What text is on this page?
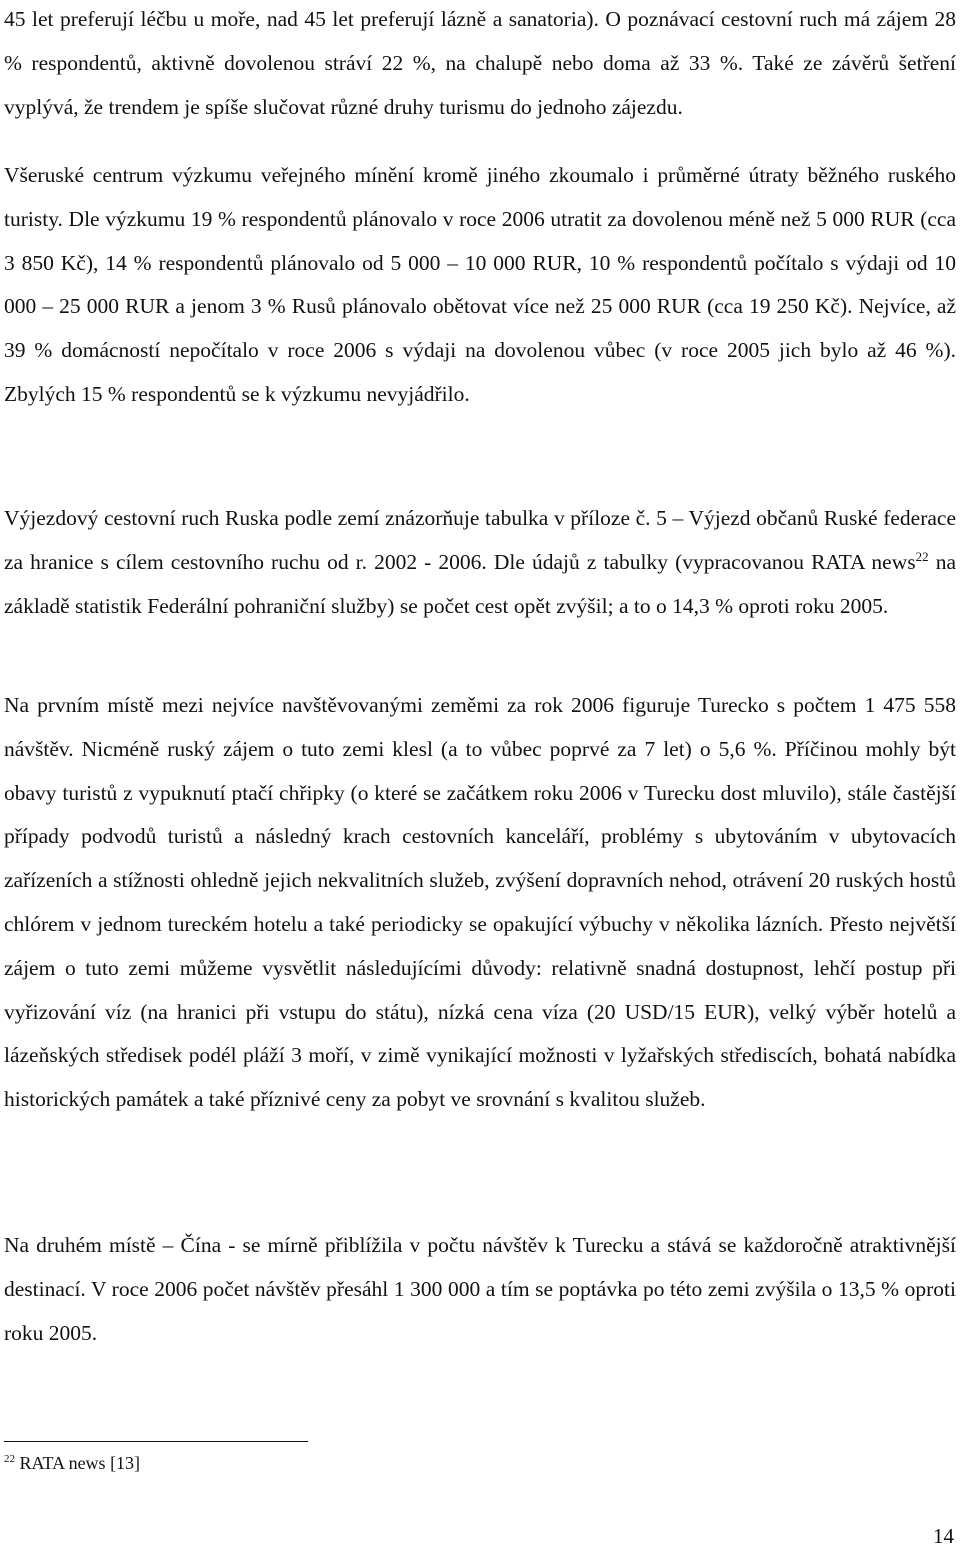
45 let preferují léčbu u moře, nad 45 let preferují lázně a sanatoria). O poznávací cestovní ruch má zájem 28 % respondentů, aktivně dovolenou stráví 22 %, na chalupě nebo doma až 33 %. Také ze závěrů šetření vyplývá, že trendem je spíše slučovat různé druhy turismu do jednoho zájezdu.

Všeruské centrum výzkumu veřejného mínění kromě jiného zkoumalo i průměrné útraty běžného ruského turisty. Dle výzkumu 19 % respondentů plánovalo v roce 2006 utratit za dovolenou méně než 5 000 RUR (cca 3 850 Kč), 14 % respondentů plánovalo od 5 000 – 10 000 RUR, 10 % respondentů počítalo s výdaji od 10 000 – 25 000 RUR a jenom 3 % Rusů plánovalo obětovat více než 25 000 RUR (cca 19 250 Kč). Nejvíce, až 39 % domácností nepočítalo v roce 2006 s výdaji na dovolenou vůbec (v roce 2005 jich bylo až 46 %). Zbylých 15 % respondentů se k výzkumu nevyjádřilo.

Výjezdový cestovní ruch Ruska podle zemí znázorňuje tabulka v příloze č. 5 – Výjezd občanů Ruské federace za hranice s cílem cestovního ruchu od r. 2002 - 2006. Dle údajů z tabulky (vypracovanou RATA news$^{22}$ na základě statistik Federální pohraniční služby) se počet cest opět zvýšil; a to o 14,3 % oproti roku 2005.

Na prvním místě mezi nejvíce navštěvovanými zeměmi za rok 2006 figuruje Turecko s počtem 1 475 558 návštěv. Nicméně ruský zájem o tuto zemi klesl (a to vůbec poprvé za 7 let) o 5,6 %. Příčinou mohly být obavy turistů z vypuknutí ptačí chřipky (o které se začátkem roku 2006 v Turecku dost mluvilo), stále častější případy podvodů turistů a následný krach cestovních kanceláří, problémy s ubytováním v ubytovacích zařízeních a stížnosti ohledně jejich nekvalitních služeb, zvýšení dopravních nehod, otrávení 20 ruských hostů chlórem v jednom tureckém hotelu a také periodicky se opakující výbuchy v několika lázních. Přesto největší zájem o tuto zemi můžeme vysvětlit následujícími důvody: relativně snadná dostupnost, lehčí postup při vyřizování víz (na hranici při vstupu do státu), nízká cena víza (20 USD/15 EUR), velký výběr hotelů a lázeňských středisek podél pláží 3 moří, v zimě vynikající možnosti v lyžařských střediscích, bohatá nabídka historických památek a také příznivé ceny za pobyt ve srovnání s kvalitou služeb.

Na druhém místě – Čína - se mírně přiblížila v počtu návštěv k Turecku a stává se každoročně atraktivnější destinací. V roce 2006 počet návštěv přesáhl 1 300 000 a tím se poptávka po této zemi zvýšila o 13,5 % oproti roku 2005.

$^{22}$ RATA news [13]
14
